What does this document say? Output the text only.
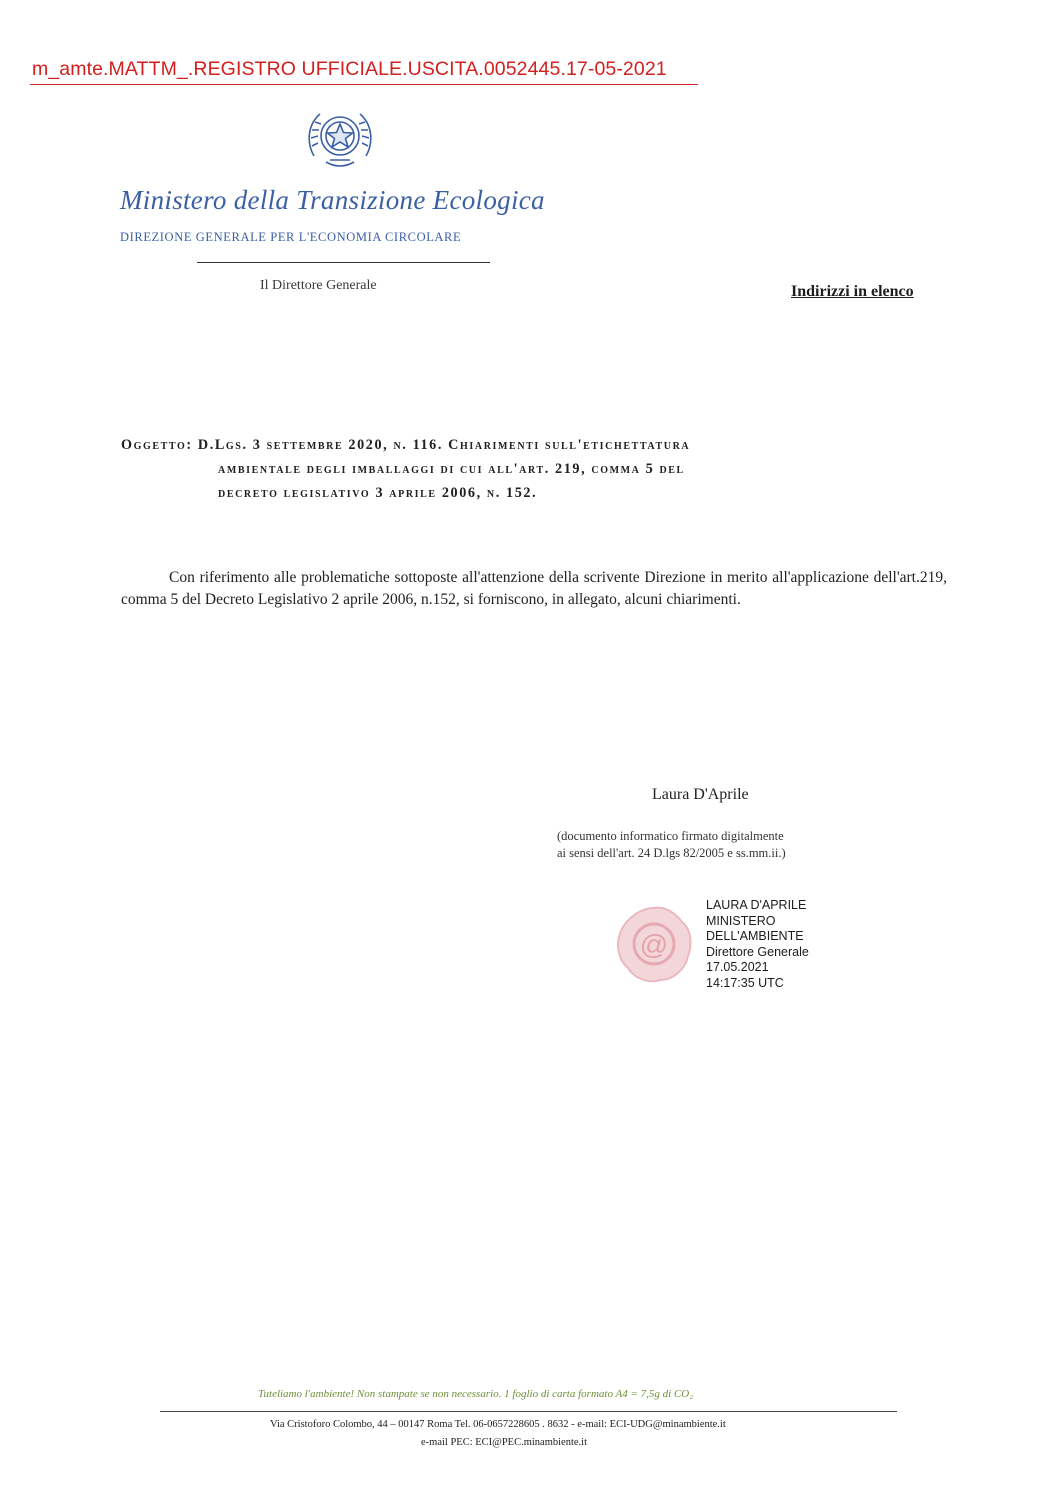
m_amte.MATTM_.REGISTRO UFFICIALE.USCITA.0052445.17-05-2021
Ministero della Transizione Ecologica
DIREZIONE GENERALE PER L'ECONOMIA CIRCOLARE
Il Direttore Generale	Indirizzi in elenco
Oggetto: D.Lgs. 3 settembre 2020, n. 116. Chiarimenti sull'etichettatura
ambientale degli imballaggi di cui all'art. 219, comma 5 del
decreto legislativo 3 aprile 2006, n. 152.
Con riferimento alle problematiche sottoposte all'attenzione della scrivente Direzione in merito all'applicazione dell'art.219, comma 5 del Decreto Legislativo 2 aprile 2006, n.152, si forniscono, in allegato, alcuni chiarimenti.
Laura D'Aprile
(documento informatico firmato digitalmente
ai sensi dell'art. 24 D.lgs 82/2005 e ss.mm.ii.)
@
LAURA D'APRILE
MINISTERO
DELL'AMBIENTE
Direttore Generale
17.05.2021
14:17:35 UTC
Tuteliamo l'ambiente! Non stampate se non necessario. 1 foglio di carta formato A4 = 7,5g di CO₂
Via Cristoforo Colombo, 44 – 00147 Roma Tel. 06-0657228605 . 8632 - e-mail: ECI-UDG@minambiente.it
e-mail PEC: ECI@PEC.minambiente.it
